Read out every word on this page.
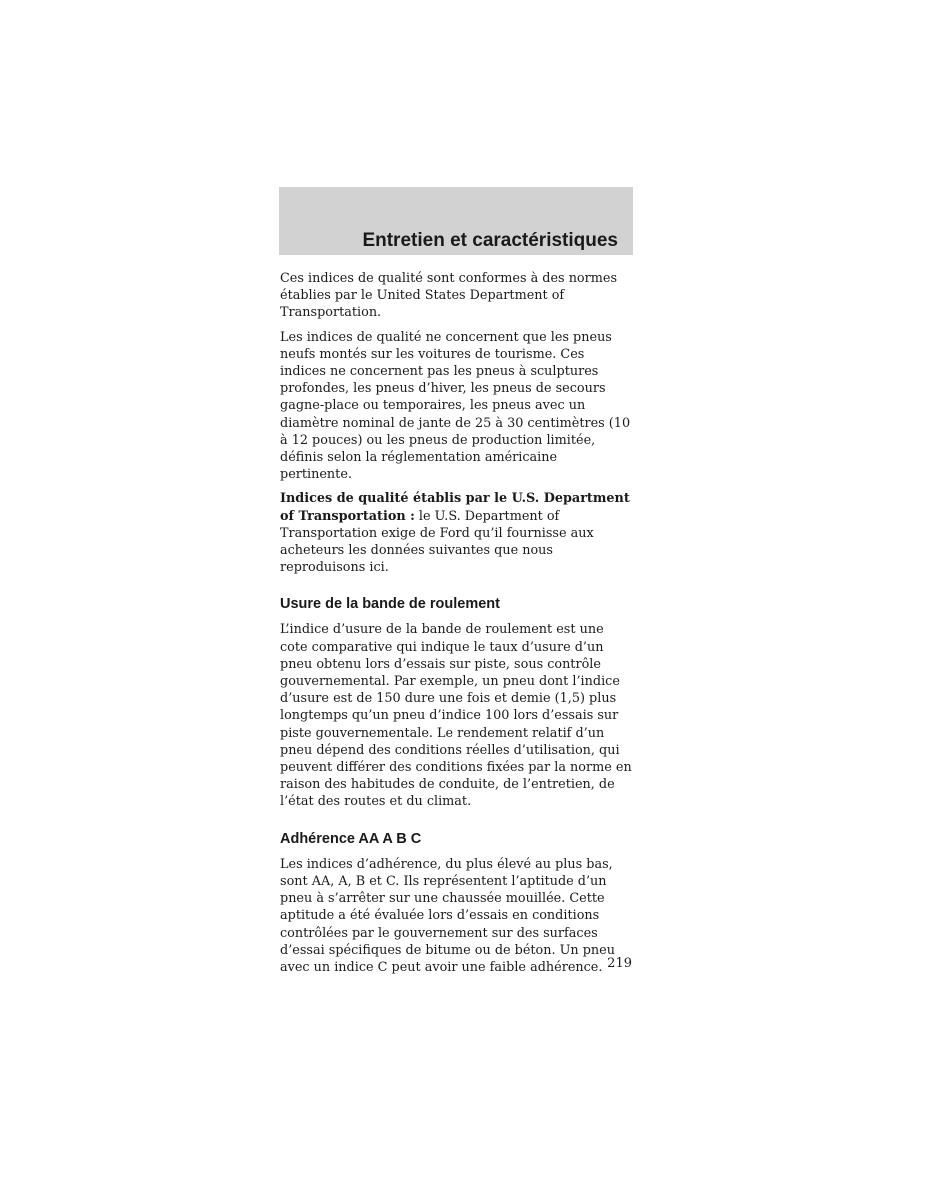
Entretien et caractéristiques

Ces indices de qualité sont conformes à des normes établies par le United States Department of Transportation.

Les indices de qualité ne concernent que les pneus neufs montés sur les voitures de tourisme. Ces indices ne concernent pas les pneus à sculptures profondes, les pneus d’hiver, les pneus de secours gagne-place ou temporaires, les pneus avec un diamètre nominal de jante de 25 à 30 centimètres (10 à 12 pouces) ou les pneus de production limitée, définis selon la réglementation américaine pertinente.

Indices de qualité établis par le U.S. Department of Transportation : le U.S. Department of Transportation exige de Ford qu’il fournisse aux acheteurs les données suivantes que nous reproduisons ici.

Usure de la bande de roulement

L’indice d’usure de la bande de roulement est une cote comparative qui indique le taux d’usure d’un pneu obtenu lors d’essais sur piste, sous contrôle gouvernemental. Par exemple, un pneu dont l’indice d’usure est de 150 dure une fois et demie (1,5) plus longtemps qu’un pneu d’indice 100 lors d’essais sur piste gouvernementale. Le rendement relatif d’un pneu dépend des conditions réelles d’utilisation, qui peuvent différer des conditions fixées par la norme en raison des habitudes de conduite, de l’entretien, de l’état des routes et du climat.

Adhérence AA A B C

Les indices d’adhérence, du plus élevé au plus bas, sont AA, A, B et C. Ils représentent l’aptitude d’un pneu à s’arrêter sur une chaussée mouillée. Cette aptitude a été évaluée lors d’essais en conditions contrôlées par le gouvernement sur des surfaces d’essai spécifiques de bitume ou de béton. Un pneu avec un indice C peut avoir une faible adhérence. 219
